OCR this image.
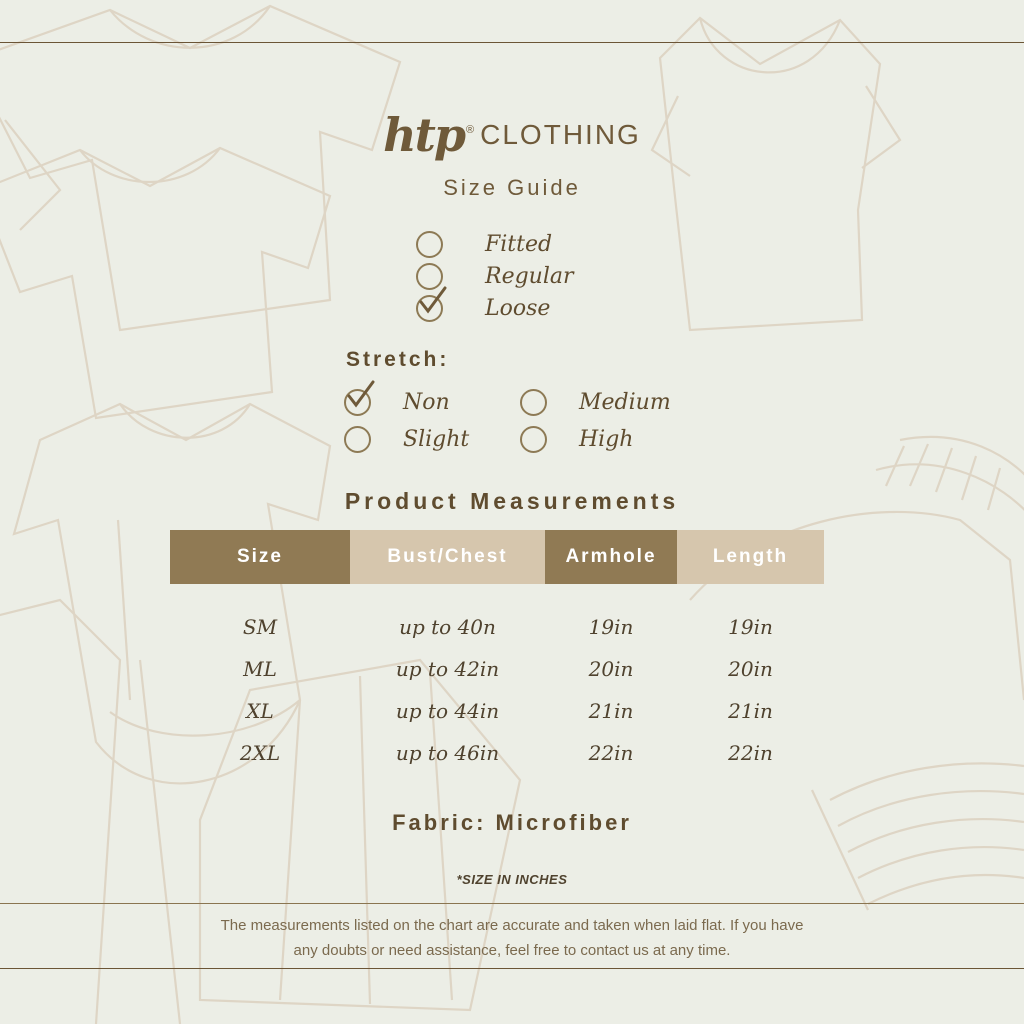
htp ® CLOTHING
Size Guide
Fitted
Regular
Loose
Stretch:
Non	Medium
Slight	High
Product Measurements
Size	Bust/Chest	Armhole	Length
SM	up to 40n	19in	19in
ML	up to 42in	20in	20in
XL	up to 44in	21in	21in
2XL	up to 46in	22in	22in
Fabric: Microfiber
*SIZE IN INCHES
The measurements listed on the chart are accurate and taken when laid flat. If you have
any doubts or need assistance, feel free to contact us at any time.
